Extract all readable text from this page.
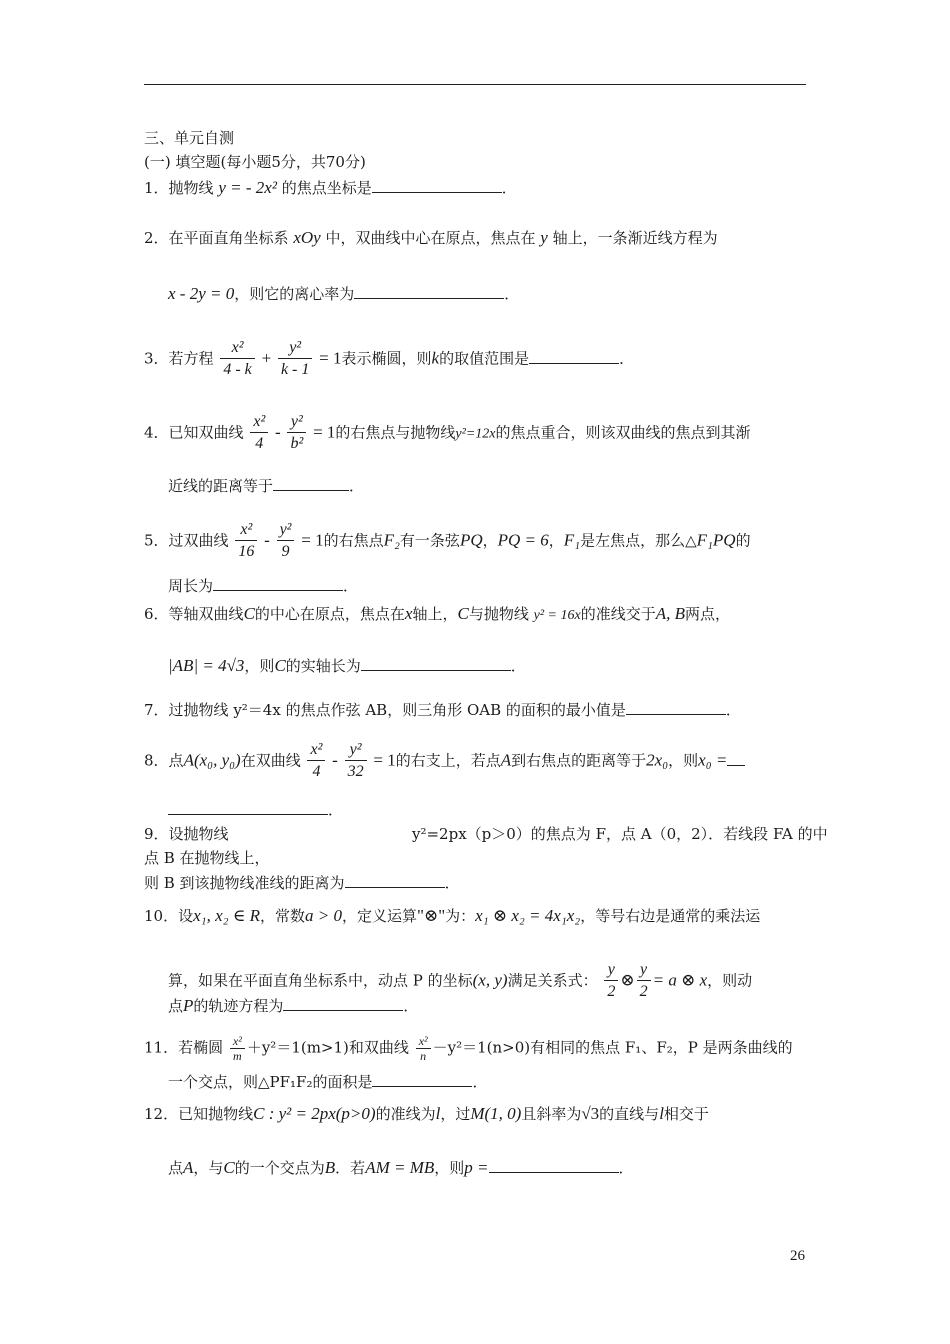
三、单元自测
(一) 填空题(每小题5分，共70分)
1．抛物线 y = - 2x² 的焦点坐标是	．
2．在平面直角坐标系 xOy 中，双曲线中心在原点，焦点在 y 轴上，一条渐近线方程为
x - 2y = 0，则它的离心率为	．
3．若方程 $\frac{\text{x²}}{4 - k} + \frac{\text{y²}}{k - 1} = 1$表示椭圆，则k的取值范围是	．
4．已知双曲线 $\frac{\text{x²}}{4} - \frac{\text{y²}}{\text{b²}} = 1$的右焦点与抛物线y²=12x的焦点重合，则该双曲线的焦点到其渐
近线的距离等于	．
5．过双曲线 $\frac{\text{x²}}{16} - \frac{\text{y²}}{9} = 1$的右焦点F₂有一条弦PQ，PQ = 6，F₁是左焦点，那么△F₁PQ的
周长为	．
6．等轴双曲线C的中心在原点，焦点在x轴上，C与抛物线 y² = 16x的准线交于A, B两点，
|AB| = 4√3，则C的实轴长为	．
7．过抛物线 y²＝4x 的焦点作弦 AB，则三角形 OAB 的面积的最小值是	．
8．点A(x₀, y₀)在双曲线 $\frac{\text{x²}}{4} - \frac{\text{y²}}{32} = 1$的右支上，若点A到右焦点的距离等于2x₀，则x₀ =
．
9．设抛物线	y²=2px（p＞0）的焦点为 F，点 A（0，2）．若线段 FA 的中
点 B 在抛物线上，
则 B 到该抛物线准线的距离为	．
10．设x₁, x₂ ∈ R，常数a > 0，定义运算"⊗"为：x₁ ⊗ x₂ = 4x₁x₂，等号右边是通常的乘法运
算，如果在平面直角坐标系中，动点 P 的坐标(x, y)满足关系式： $\frac{y}{2}$ ⊗ $\frac{y}{2} = a$ ⊗ x，则动
点P的轨迹方程为	．
11．若椭圆 $\frac{\text{x²}}{m} +y^2=1(m>1)$和双曲线 $\frac{\text{x²}}{n} -y^2=1(n>0)$有相同的焦点 F₁、F₂，P 是两条曲线的
一个交点，则△PF₁F₂的面积是	．
12．已知抛物线C : y² = 2px(p>0)的准线为l，过M(1, 0)且斜率为√3的直线与l相交于
点A，与C的一个交点为B．若AM = MB，则p =	．
26
